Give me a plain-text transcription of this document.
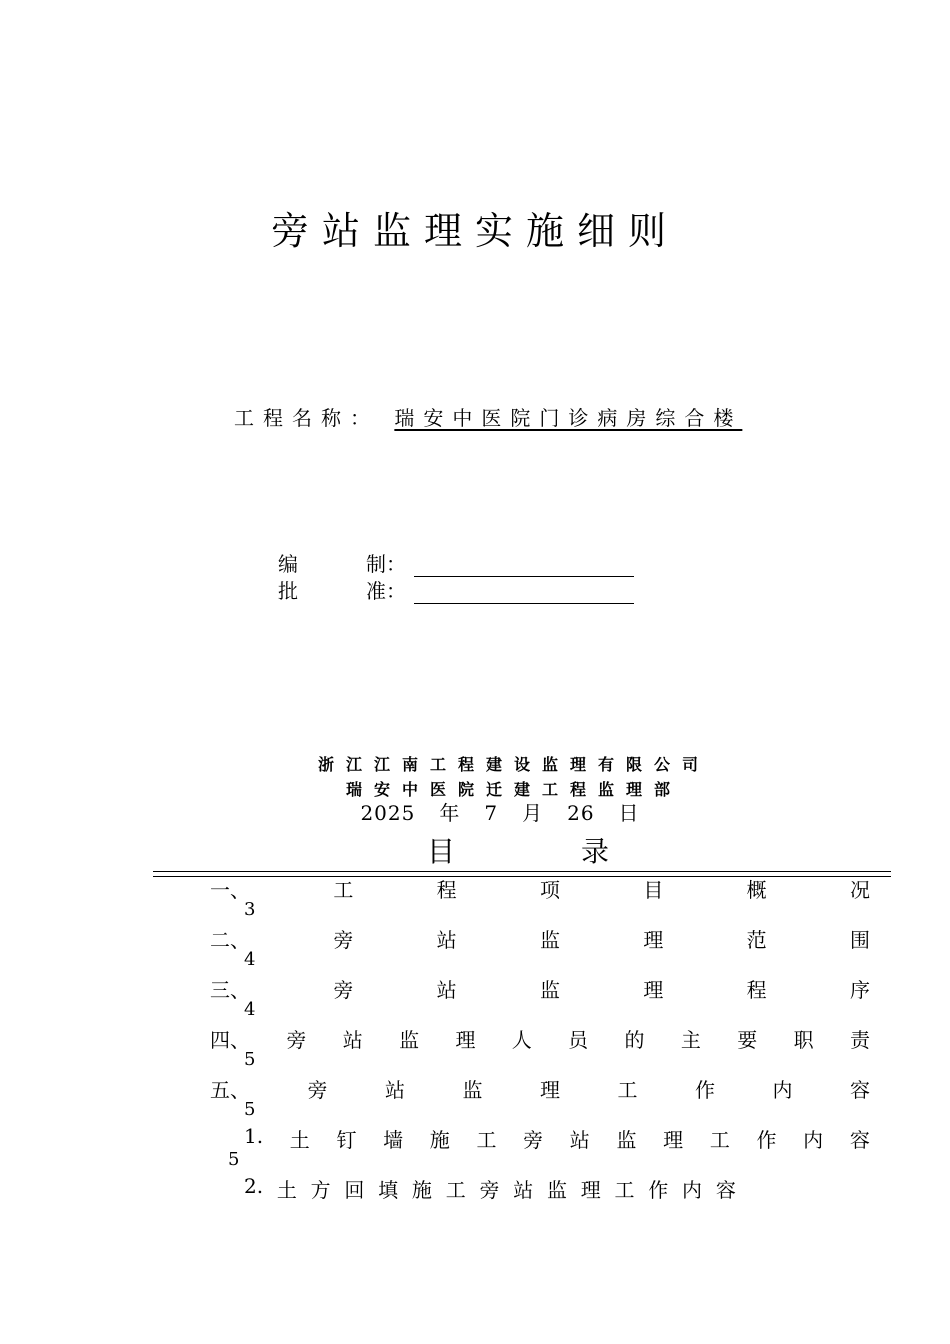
旁站监理实施细则
工程名称： 瑞安中医院门诊病房综合楼
编	制：
批	准：
浙江江南工程建设监理有限公司
瑞安中医院迁建工程监理部
2025 年 7 月 26 日
目	录
一、	工	程	项	目	概	况
3
二、	旁	站	监	理	范	围
4
三、	旁	站	监	理	程	序
4
四、 旁 站 监 理 人 员 的 主 要 职 责
5
五、	旁	站	监	理	工	作	内	容
5
1. 土 钉 墙 施 工 旁 站 监 理 工 作 内 容
5
2. 土 方 回 填 施 工 旁 站 监 理 工 作 内 容
